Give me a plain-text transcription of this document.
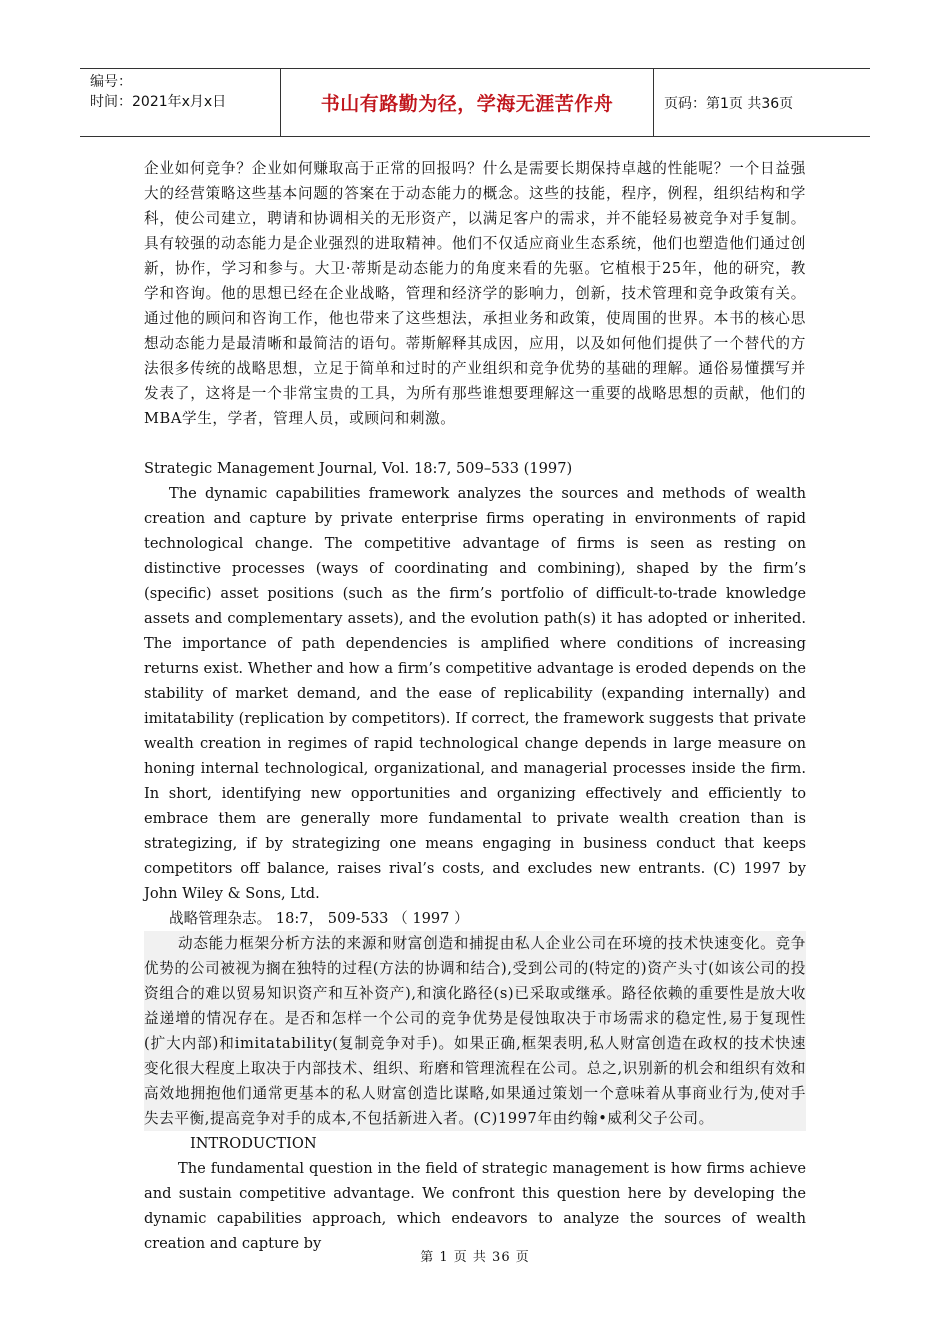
编号：
时间：2021年x月x日	书山有路勤为径，学海无涯苦作舟	页码：第1页 共36页

企业如何竞争？企业如何赚取高于正常的回报吗？什么是需要长期保持卓越的性能呢？一个日益强大的经营策略这些基本问题的答案在于动态能力的概念。这些的技能，程序，例程，组织结构和学科，使公司建立，聘请和协调相关的无形资产，以满足客户的需求，并不能轻易被竞争对手复制。具有较强的动态能力是企业强烈的进取精神。他们不仅适应商业生态系统，他们也塑造他们通过创新，协作，学习和参与。大卫·蒂斯是动态能力的角度来看的先驱。它植根于25年，他的研究，教学和咨询。他的思想已经在企业战略，管理和经济学的影响力，创新，技术管理和竞争政策有关。通过他的顾问和咨询工作，他也带来了这些想法，承担业务和政策，使周围的世界。本书的核心思想动态能力是最清晰和最简洁的语句。蒂斯解释其成因，应用，以及如何他们提供了一个替代的方法很多传统的战略思想，立足于简单和过时的产业组织和竞争优势的基础的理解。通俗易懂撰写并发表了，这将是一个非常宝贵的工具，为所有那些谁想要理解这一重要的战略思想的贡献，他们的MBA学生，学者，管理人员，或顾问和刺激。

Strategic Management Journal, Vol. 18:7, 509–533 (1997)

The dynamic capabilities framework analyzes the sources and methods of wealth creation and capture by private enterprise firms operating in environments of rapid technological change. The competitive advantage of firms is seen as resting on distinctive processes (ways of coordinating and combining), shaped by the firm’s (specific) asset positions (such as the firm’s portfolio of difficult-to-trade knowledge assets and complementary assets), and the evolution path(s) it has adopted or inherited. The importance of path dependencies is amplified where conditions of increasing returns exist. Whether and how a firm’s competitive advantage is eroded depends on the stability of market demand, and the ease of replicability (expanding internally) and imitatability (replication by competitors). If correct, the framework suggests that private wealth creation in regimes of rapid technological change depends in large measure on honing internal technological, organizational, and managerial processes inside the firm. In short, identifying new opportunities and organizing effectively and efficiently to embrace them are generally more fundamental to private wealth creation than is strategizing, if by strategizing one means engaging in business conduct that keeps competitors off balance, raises rival’s costs, and excludes new entrants. (C) 1997 by John Wiley & Sons, Ltd.

战略管理杂志。 18:7， 509-533 （ 1997 ）

动态能力框架分析方法的来源和财富创造和捕捉由私人企业公司在环境的技术快速变化。竞争优势的公司被视为搁在独特的过程(方法的协调和结合),受到公司的(特定的)资产头寸(如该公司的投资组合的难以贸易知识资产和互补资产),和演化路径(s)已采取或继承。路径依赖的重要性是放大收益递增的情况存在。是否和怎样一个公司的竞争优势是侵蚀取决于市场需求的稳定性,易于复现性(扩大内部)和imitatability(复制竞争对手)。如果正确,框架表明,私人财富创造在政权的技术快速变化很大程度上取决于内部技术、组织、珩磨和管理流程在公司。总之,识别新的机会和组织有效和高效地拥抱他们通常更基本的私人财富创造比谋略,如果通过策划一个意味着从事商业行为,使对手失去平衡,提高竞争对手的成本,不包括新进入者。(C)1997年由约翰•威利父子公司。

INTRODUCTION

The fundamental question in the field of strategic management is how firms achieve and sustain competitive advantage. We confront this question here by developing the dynamic capabilities approach, which endeavors to analyze the sources of wealth creation and capture by

第 1 页 共 36 页
